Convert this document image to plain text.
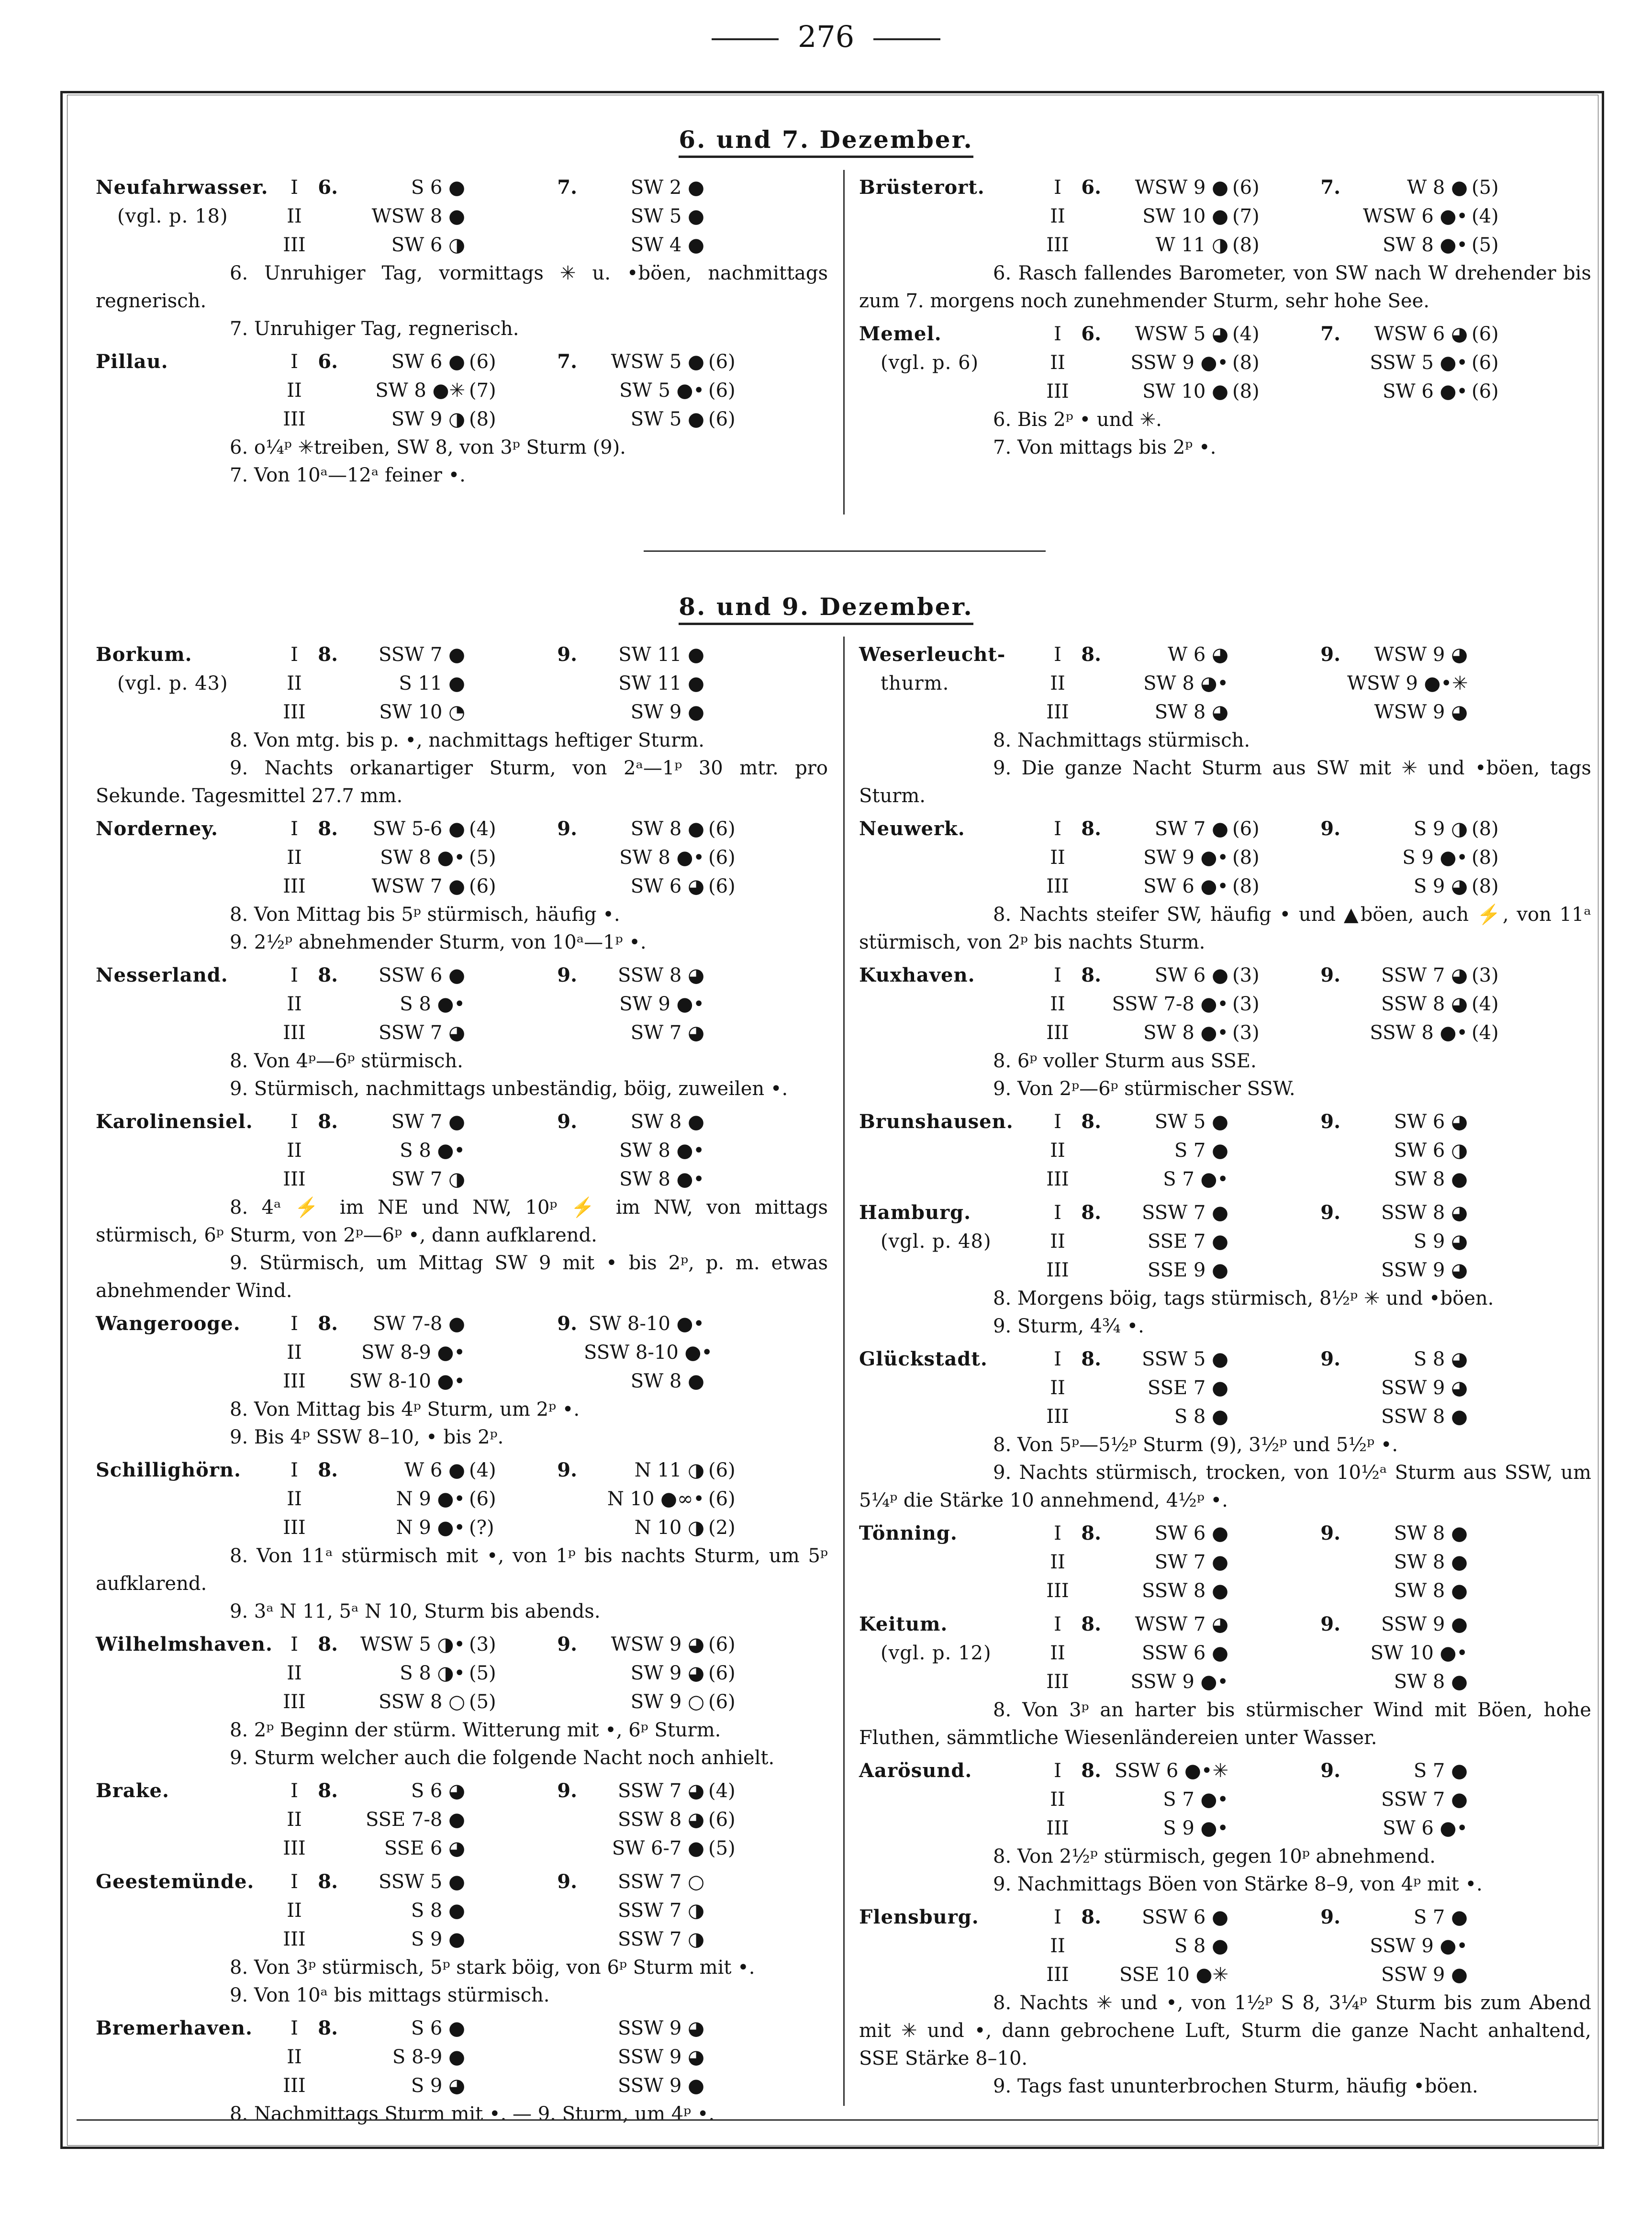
276
6. und 7. Dezember.
Neufahrwasser.	I	6.	S 6 ●	7.	SW 2 ●
(vgl. p. 18)	II	WSW 8 ●	SW 5 ●
III	SW 6 ◑	SW 4 ●

6. Unruhiger Tag, vormittags ✳ u. •böen, nachmittags regnerisch.

7. Unruhiger Tag, regnerisch.

Pillau.	I	6.	SW 6 ● (6)	7.	WSW 5 ● (6)
II	SW 8 ●✳ (7)	SW 5 ●• (6)
III	SW 9 ◑ (8)	SW 5 ● (6)

6. o¼ᵖ ✳treiben, SW 8, von 3ᵖ Sturm (9).

7. Von 10ᵃ—12ᵃ feiner •.

Brüsterort.	I	6.	WSW 9 ● (6)	7.	W 8 ● (5)
II	SW 10 ● (7)	WSW 6 ●• (4)
III	W 11 ◑ (8)	SW 8 ●• (5)

6. Rasch fallendes Barometer, von SW nach W drehender bis zum 7. morgens noch zunehmender Sturm, sehr hohe See.

Memel.	I	6.	WSW 5 ◕ (4)	7.	WSW 6 ◕ (6)
(vgl. p. 6)	II	SSW 9 ●• (8)	SSW 5 ●• (6)
III	SW 10 ● (8)	SW 6 ●• (6)

6. Bis 2ᵖ • und ✳.

7. Von mittags bis 2ᵖ •.

8. und 9. Dezember.
Borkum.	I	8.	SSW 7 ●	9.	SW 11 ●
(vgl. p. 43)	II	S 11 ●	SW 11 ●
III	SW 10 ◔	SW 9 ●

8. Von mtg. bis p. •, nachmittags heftiger Sturm.

9. Nachts orkanartiger Sturm, von 2ᵃ—1ᵖ 30 mtr. pro Sekunde. Tagesmittel 27.7 mm.

Norderney.	I	8.	SW 5-6 ● (4)	9.	SW 8 ● (6)
II	SW 8 ●• (5)	SW 8 ●• (6)
III	WSW 7 ● (6)	SW 6 ◕ (6)

8. Von Mittag bis 5ᵖ stürmisch, häufig •.

9. 2½ᵖ abnehmender Sturm, von 10ᵃ—1ᵖ •.

Nesserland.	I	8.	SSW 6 ●	9.	SSW 8 ◕
II	S 8 ●•	SW 9 ●•
III	SSW 7 ◕	SW 7 ◕

8. Von 4ᵖ—6ᵖ stürmisch.

9. Stürmisch, nachmittags unbeständig, böig, zuweilen •.

Karolinensiel.	I	8.	SW 7 ●	9.	SW 8 ●
II	S 8 ●•	SW 8 ●•
III	SW 7 ◑	SW 8 ●•

8. 4ᵃ ⚡ im NE und NW, 10ᵖ ⚡ im NW, von mittags stürmisch, 6ᵖ Sturm, von 2ᵖ—6ᵖ •, dann aufklarend.

9. Stürmisch, um Mittag SW 9 mit • bis 2ᵖ, p. m. etwas abnehmender Wind.

Wangerooge.	I	8.	SW 7-8 ●	9. SW 8-10 ●•
II	SW 8-9 ●•	SSW 8-10 ●•
III SW 8-10 ●•	SW 8 ●

8. Von Mittag bis 4ᵖ Sturm, um 2ᵖ •.

9. Bis 4ᵖ SSW 8–10, • bis 2ᵖ.

Schillighörn.	I	8.	W 6 ● (4)	9.	N 11 ◑ (6)
II	N 9 ●• (6)	N 10 ●∞• (6)
III	N 9 ●• (?)	N 10 ◑ (2)

8. Von 11ᵃ stürmisch mit •, von 1ᵖ bis nachts Sturm, um 5ᵖ aufklarend.

9. 3ᵃ N 11, 5ᵃ N 10, Sturm bis abends.

Wilhelmshaven. I	8.	WSW 5 ◑• (3)	9.	WSW 9 ◕ (6)
II	S 8 ◑• (5)	SW 9 ◕ (6)
III	SSW 8 ○ (5)	SW 9 ○ (6)

8. 2ᵖ Beginn der stürm. Witterung mit •, 6ᵖ Sturm.

9. Sturm welcher auch die folgende Nacht noch anhielt.

Brake.	I	8.	S 6 ◕	9.	SSW 7 ◕ (4)
II	SSE 7-8 ●	SSW 8 ◕ (6)
III	SSE 6 ◕	SW 6-7 ● (5)
Geestemünde.	I	8.	SSW 5 ●	9.	SSW 7 ○
II	S 8 ●	SSW 7 ◑
III	S 9 ●	SSW 7 ◑

8. Von 3ᵖ stürmisch, 5ᵖ stark böig, von 6ᵖ Sturm mit •.

9. Von 10ᵃ bis mittags stürmisch.

Bremerhaven.	I	8.	S 6 ●	SSW 9 ◕
II	S 8-9 ●	SSW 9 ◕
III	S 9 ◕	SSW 9 ●

8. Nachmittags Sturm mit •. — 9. Sturm, um 4ᵖ •.

Weserleucht-	I	8.	W 6 ◕	9.	WSW 9 ◕
thurm.	II	SW 8 ◕•	WSW 9 ●•✳
III	SW 8 ◕	WSW 9 ◕

8. Nachmittags stürmisch.

9. Die ganze Nacht Sturm aus SW mit ✳ und •böen, tags Sturm.

Neuwerk.	I	8.	SW 7 ● (6)	9.	S 9 ◑ (8)
II	SW 9 ●• (8)	S 9 ●• (8)
III	SW 6 ●• (8)	S 9 ◕ (8)

8. Nachts steifer SW, häufig • und ▲böen, auch ⚡, von 11ᵃ stürmisch, von 2ᵖ bis nachts Sturm.

Kuxhaven.	I	8.	SW 6 ● (3)	9.	SSW 7 ◕ (3)
II	SSW 7-8 ●• (3)	SSW 8 ◕ (4)
III	SW 8 ●• (3)	SSW 8 ●• (4)

8. 6ᵖ voller Sturm aus SSE.

9. Von 2ᵖ—6ᵖ stürmischer SSW.

Brunshausen.	I	8.	SW 5 ●	9.	SW 6 ◕
II	S 7 ●	SW 6 ◑
III	S 7 ●•	SW 8 ●
Hamburg.	I	8.	SSW 7 ●	9.	SSW 8 ◕
(vgl. p. 48)	II	SSE 7 ●	S 9 ◕
III	SSE 9 ●	SSW 9 ◕

8. Morgens böig, tags stürmisch, 8½ᵖ ✳ und •böen.

9. Sturm, 4¾ •.

Glückstadt.	I	8.	SSW 5 ●	9.	S 8 ◕
II	SSE 7 ●	SSW 9 ◕
III	S 8 ●	SSW 8 ●

8. Von 5ᵖ—5½ᵖ Sturm (9), 3½ᵖ und 5½ᵖ •.

9. Nachts stürmisch, trocken, von 10½ᵃ Sturm aus SSW, um 5¼ᵖ die Stärke 10 annehmend, 4½ᵖ •.

Tönning.	I	8.	SW 6 ●	9.	SW 8 ●
II	SW 7 ●	SW 8 ●
III	SSW 8 ●	SW 8 ●
Keitum.	I	8.	WSW 7 ◕	9.	SSW 9 ●
(vgl. p. 12)	II	SSW 6 ●	SW 10 ●•
III	SSW 9 ●•	SW 8 ●

8. Von 3ᵖ an harter bis stürmischer Wind mit Böen, hohe Fluthen, sämmtliche Wiesenländereien unter Wasser.

Aarösund.	I	8. SSW 6 ●•✳	9.	S 7 ●
II	S 7 ●•	SSW 7 ●
III	S 9 ●•	SW 6 ●•

8. Von 2½ᵖ stürmisch, gegen 10ᵖ abnehmend.

9. Nachmittags Böen von Stärke 8–9, von 4ᵖ mit •.

Flensburg.	I	8.	SSW 6 ●	9.	S 7 ●
II	S 8 ●	SSW 9 ●•
III	SSE 10 ●✳	SSW 9 ●

8. Nachts ✳ und •, von 1½ᵖ S 8, 3¼ᵖ Sturm bis zum Abend mit ✳ und •, dann gebrochene Luft, Sturm die ganze Nacht anhaltend, SSE Stärke 8–10.

9. Tags fast ununterbrochen Sturm, häufig •böen.
